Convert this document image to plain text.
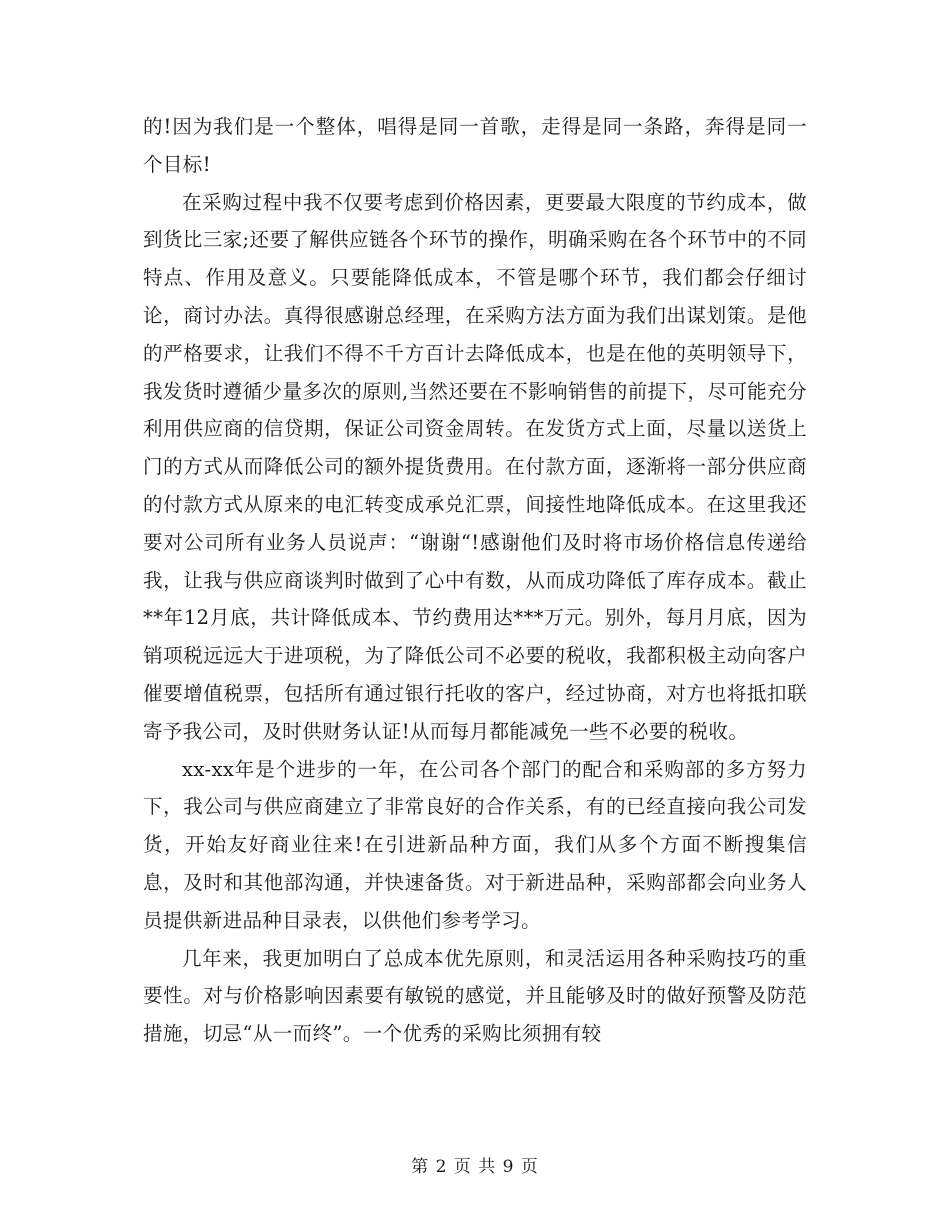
的!因为我们是一个整体，唱得是同一首歌，走得是同一条路，奔得是同一个目标!

在采购过程中我不仅要考虑到价格因素，更要最大限度的节约成本，做到货比三家;还要了解供应链各个环节的操作，明确采购在各个环节中的不同特点、作用及意义。只要能降低成本，不管是哪个环节，我们都会仔细讨论，商讨办法。真得很感谢总经理，在采购方法方面为我们出谋划策。是他的严格要求，让我们不得不千方百计去降低成本，也是在他的英明领导下，我发货时遵循少量多次的原则,当然还要在不影响销售的前提下，尽可能充分利用供应商的信贷期，保证公司资金周转。在发货方式上面，尽量以送货上门的方式从而降低公司的额外提货费用。在付款方面，逐渐将一部分供应商的付款方式从原来的电汇转变成承兑汇票，间接性地降低成本。在这里我还要对公司所有业务人员说声：“谢谢“!感谢他们及时将市场价格信息传递给我，让我与供应商谈判时做到了心中有数，从而成功降低了库存成本。截止**年12月底，共计降低成本、节约费用达***万元。别外，每月月底，因为销项税远远大于进项税，为了降低公司不必要的税收，我都积极主动向客户催要增值税票，包括所有通过银行托收的客户，经过协商，对方也将抵扣联寄予我公司，及时供财务认证!从而每月都能减免一些不必要的税收。

xx-xx年是个进步的一年，在公司各个部门的配合和采购部的多方努力下，我公司与供应商建立了非常良好的合作关系，有的已经直接向我公司发货，开始友好商业往来!在引进新品种方面，我们从多个方面不断搜集信息，及时和其他部沟通，并快速备货。对于新进品种，采购部都会向业务人员提供新进品种目录表，以供他们参考学习。

几年来，我更加明白了总成本优先原则，和灵活运用各种采购技巧的重要性。对与价格影响因素要有敏锐的感觉，并且能够及时的做好预警及防范措施，切忌“从一而终”。一个优秀的采购比须拥有较

第 2 页 共 9 页
